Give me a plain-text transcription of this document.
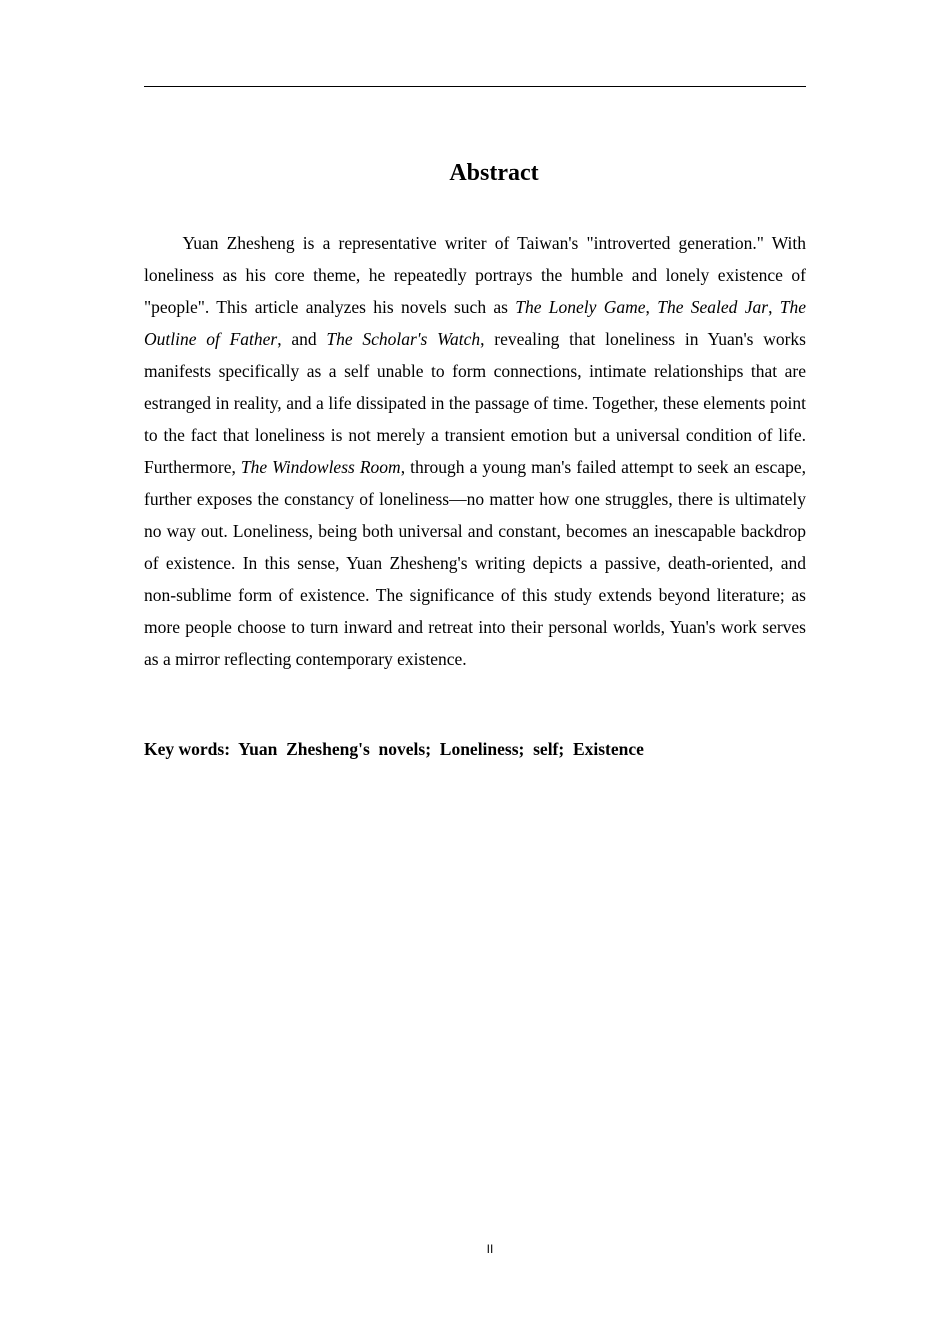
Abstract

Yuan Zhesheng is a representative writer of Taiwan's "introverted generation." With loneliness as his core theme, he repeatedly portrays the humble and lonely existence of "people". This article analyzes his novels such as The Lonely Game, The Sealed Jar, The Outline of Father, and The Scholar's Watch, revealing that loneliness in Yuan's works manifests specifically as a self unable to form connections, intimate relationships that are estranged in reality, and a life dissipated in the passage of time. Together, these elements point to the fact that loneliness is not merely a transient emotion but a universal condition of life. Furthermore, The Windowless Room, through a young man's failed attempt to seek an escape, further exposes the constancy of loneliness—no matter how one struggles, there is ultimately no way out. Loneliness, being both universal and constant, becomes an inescapable backdrop of existence. In this sense, Yuan Zhesheng's writing depicts a passive, death-oriented, and non-sublime form of existence. The significance of this study extends beyond literature; as more people choose to turn inward and retreat into their personal worlds, Yuan's work serves as a mirror reflecting contemporary existence.

Key words: Yuan  Zhesheng's  novels;  Loneliness;  self;  Existence
II
